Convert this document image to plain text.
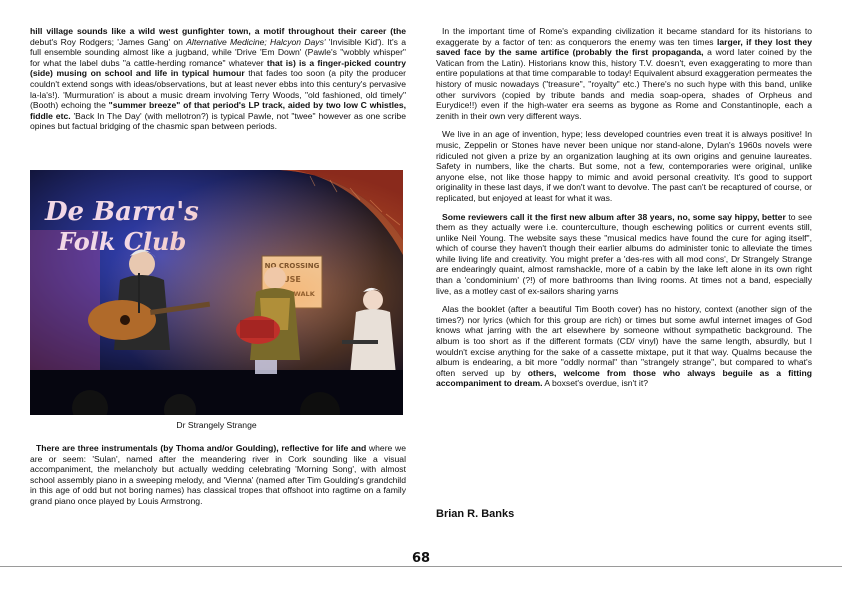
hill village sounds like a wild west gunfighter town, a motif throughout their career (the debut's Roy Rodgers; 'James Gang' on Alternative Medicine; Halcyon Days' 'Invisible Kid'). It's a full ensemble sounding almost like a jugband, while 'Drive 'Em Down' (Pawle's "wobbly whisper" for what the label dubs "a cattle-herding romance" whatever that is) is a finger-picked country (side) musing on school and life in typical humour that fades too soon (a pity the producer couldn't extend songs with ideas/observations, but at least never ebbs into this century's pervasive la-la's!). 'Murmuration' is about a music dream involving Terry Woods, "old fashioned, old timely" (Booth) echoing the "summer breeze" of that period's LP track, aided by two low C whistles, fiddle etc. 'Back In The Day' (with mellotron?) is typical Pawle, not "twee" however as one scribe opines but factual bridging of the chasmic span between periods.

Dr Strangely Strange

There are three instrumentals (by Thoma and/or Goulding), reflective for life and where we are or seem: 'Sulan', named after the meandering river in Cork sounding like a visual accompaniment, the melancholy but actually wedding celebrating 'Morning Song', with almost school assembly piano in a sweeping melody, and 'Vienna' (named after Tim Goulding's grandchild in this age of odd but not boring names) has classical tropes that offshoot into ragtime on a family grand piano once played by Louis Armstrong.

In the important time of Rome's expanding civilization it became standard for its historians to exaggerate by a factor of ten: as conquerors the enemy was ten times larger, if they lost they saved face by the same artifice (probably the first propaganda, a word later coined by the Vatican from the Latin). Historians know this, history T.V. doesn't, even exaggerating to more than entire populations at that time comparable to today! Equivalent absurd exaggeration permeates the history of music nowadays ("treasure", "royalty" etc.) There's no such hype with this band, unlike other survivors (copied by tribute bands and media soap-opera, shades of Orpheus and Eurydice!!) even if the high-water era seems as bygone as Rome and Constantinople, each a zenith in their own very different ways.

We live in an age of invention, hype; less developed countries even treat it is always positive! In music, Zeppelin or Stones have never been unique nor stand-alone, Dylan's 1960s novels were ridiculed not given a prize by an organization laughing at its own origins and genuine laureates. Safety in numbers, like the charts. But some, not a few, contemporaries were original, unlike anyone else, not like those happy to mimic and avoid personal creativity. It's good to support originality in these last days, if we don't want to devolve. The past can't be recaptured of course, or replicated, but enjoyed at least for what it was.

Some reviewers call it the first new album after 38 years, no, some say hippy, better to see them as they actually were i.e. counterculture, though eschewing politics or current events still, unlike Neil Young. The website says these "musical medics have found the cure for aging itself", which of course they haven't though their earlier albums do administer tonic to alleviate the times while living life and creativity. You might prefer a 'des-res with all mod cons', Dr Strangely Strange are endearingly quaint, almost ramshackle, more of a cabin by the lake left alone in its own right than a 'condominium' (?!) of more bathrooms than living rooms. At times not a band, especially live, as a motley cast of ex-sailors sharing yarns

Alas the booklet (after a beautiful Tim Booth cover) has no history, context (another sign of the times?) nor lyrics (which for this group are rich) or times but some awful internet images of God knows what jarring with the art elsewhere by someone without sympathetic background. The album is too short as if the different formats (CD/ vinyl) have the same length, absurdly, but I wouldn't excise anything for the sake of a cassette mixtape, put it that way. Qualms because the album is endearing, a bit more "oddly normal" than "strangely strange", but compared to what's often served up by others, welcome from those who always beguile as a fitting accompaniment to dream. A boxset's overdue, isn't it?

Brian R. Banks
68
